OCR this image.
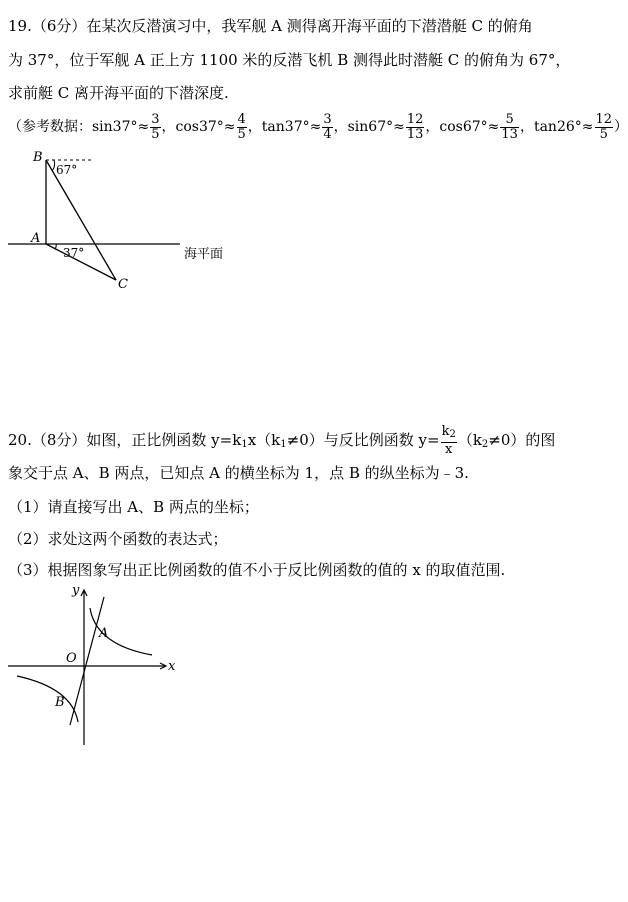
19.（6分）在某次反潜演习中，我军舰 A 测得离开海平面的下潜潜艇 C 的俯角
为 37°，位于军舰 A 正上方 1100 米的反潜飞机 B 测得此时潜艇 C 的俯角为 67°，
求前艇 C 离开海平面的下潜深度.
（参考数据：$\sin 37^\circ\approx \frac{3}{5}$ ，$\cos 37^\circ\approx \frac{4}{5}$ ，$\tan 37^\circ\approx \frac{3}{4}$ ，$\sin 67^\circ\approx \frac{12}{13}$ ，$\cos 67^\circ\approx \frac{5}{13}$ ，$\tan 26^\circ\approx \frac{12}{5}$ ）
B
A
C
67°
37°	海平面
20.（8分）如图，正比例函数 $y=k_1x(k_1\ne 0)$与反比例函数 $y= \frac{k_2}{x} (k_2\ne 0)$的图
象交于点 A、B 两点，已知点 A 的横坐标为 1，点 B 的纵坐标为﹣3.
（1）请直接写出 A、B 两点的坐标；
（2）求处这两个函数的表达式；
（3）根据图象写出正比例函数的值不小于反比例函数的值的 x 的取值范围.
y
x
O
A
B
